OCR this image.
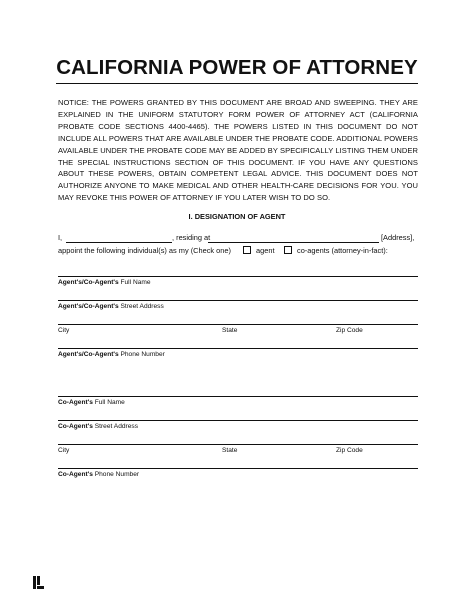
CALIFORNIA POWER OF ATTORNEY
NOTICE: THE POWERS GRANTED BY THIS DOCUMENT ARE BROAD AND SWEEPING. THEY ARE EXPLAINED IN THE UNIFORM STATUTORY FORM POWER OF ATTORNEY ACT (CALIFORNIA PROBATE CODE SECTIONS 4400-4465). THE POWERS LISTED IN THIS DOCUMENT DO NOT INCLUDE ALL POWERS THAT ARE AVAILABLE UNDER THE PROBATE CODE. ADDITIONAL POWERS AVAILABLE UNDER THE PROBATE CODE MAY BE ADDED BY SPECIFICALLY LISTING THEM UNDER THE SPECIAL INSTRUCTIONS SECTION OF THIS DOCUMENT. IF YOU HAVE ANY QUESTIONS ABOUT THESE POWERS, OBTAIN COMPETENT LEGAL ADVICE. THIS DOCUMENT DOES NOT AUTHORIZE ANYONE TO MAKE MEDICAL AND OTHER HEALTH-CARE DECISIONS FOR YOU. YOU MAY REVOKE THIS POWER OF ATTORNEY IF YOU LATER WISH TO DO SO.
I. DESIGNATION OF AGENT
I,	, residing at	[Address],
appoint the following individual(s) as my (Check one)	agent	co-agents (attorney-in-fact):
Agent's/Co-Agent's Full Name
Agent's/Co-Agent's Street Address
City	State	Zip Code
Agent's/Co-Agent's Phone Number
Co-Agent's Full Name
Co-Agent's Street Address
City	State	Zip Code
Co-Agent's Phone Number
